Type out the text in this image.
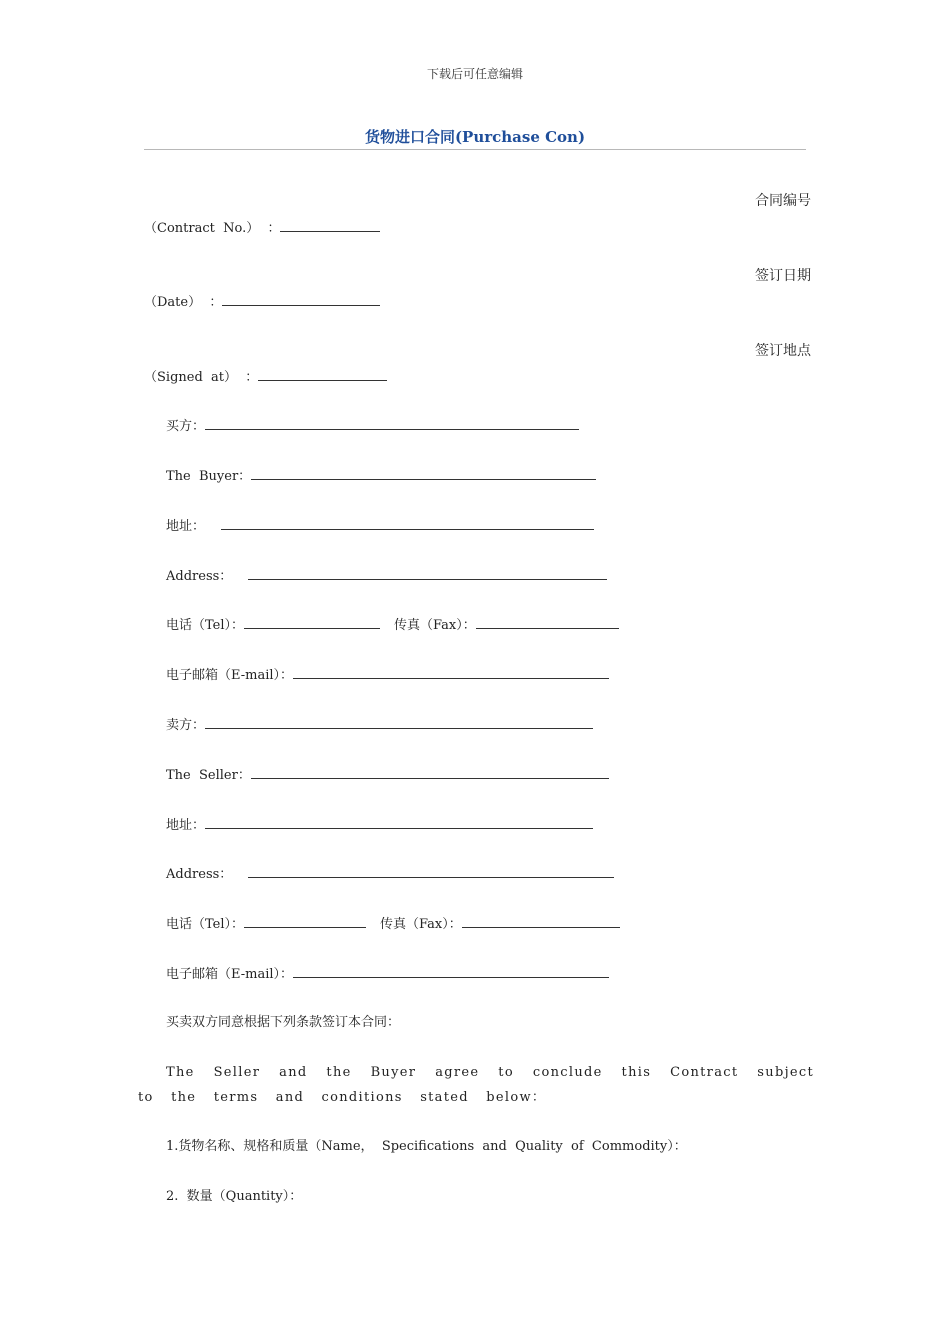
下载后可任意编辑
货物进口合同(Purchase Con)
合同编号
（Contract  No.）  ：
签订日期
（Date）  ：
签订地点
（Signed  at）  ：
买方：
The  Buyer：
地址：
Address：
电话（Tel）：	传真（Fax）：
电子邮箱（E-mail）：
卖方：
The  Seller：
地址：
Address：
电话（Tel）：	传真（Fax）：
电子邮箱（E-mail）：
买卖双方同意根据下列条款签订本合同：
The Seller and the Buyer agree to conclude this Contract subject to the terms and conditions stated below：
1.货物名称、规格和质量（Name，  Specifications  and  Quality  of  Commodity）：
2.  数量（Quantity）：
